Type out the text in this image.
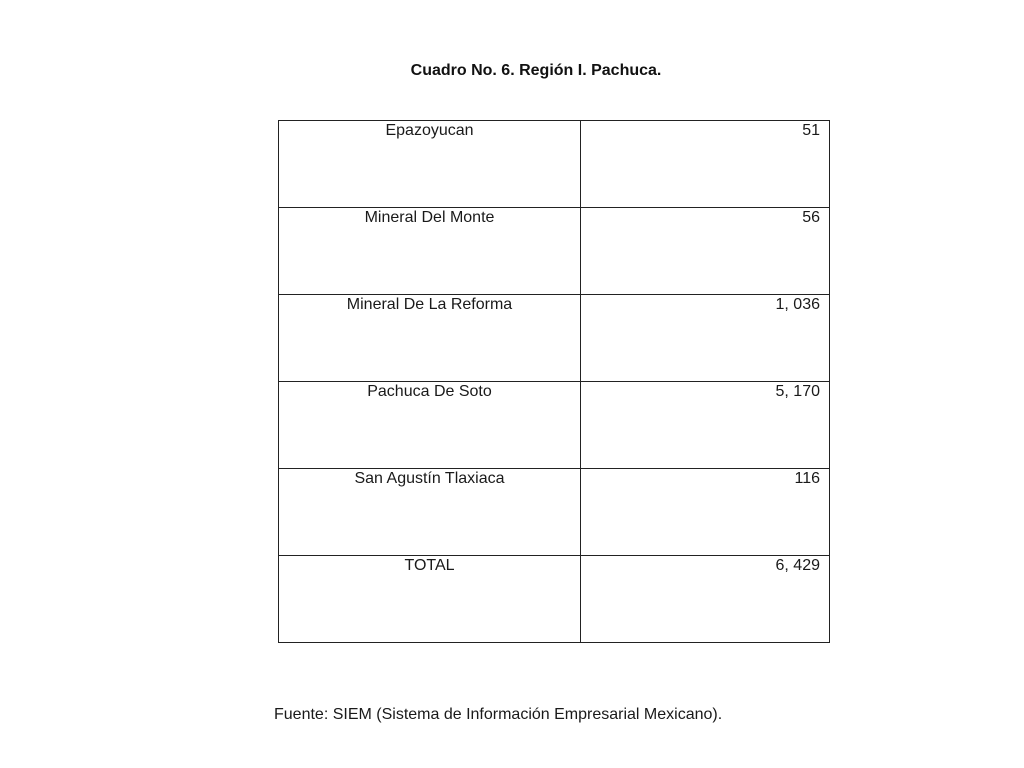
Cuadro No. 6. Región I. Pachuca.
Epazoyucan	51

Mineral Del Monte	56

Mineral De La Reforma	1, 036

Pachuca De Soto	5, 170

San Agustín Tlaxiaca	116

TOTAL	6, 429
Fuente: SIEM (Sistema de Información Empresarial Mexicano).
